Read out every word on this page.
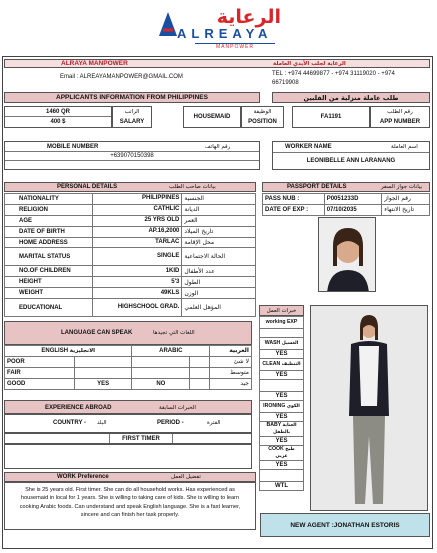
الرعاية
ALREAYA
MANPOWER
ALRAYA MANPOWER	الرعاية لجلب الأيدي العاملة
Email : ALREAYAMANPOWER@GMAIL.COM	TEL : +974 44699877 - +974 31119020 - +974 66719908
APPLICANTS INFORMATION FROM PHILIPPINES	طلب عاملة منزلية من الفلبين
1460 QR
400 $
الراتب
SALARY
HOUSEMAID
الوظيفة
POSITION
FA1191
رقم الطلب
APP NUMBER
MOBILE NUMBER	رقم الهاتف
+639070150398
WORKER NAME	اسم العاملة
LEONIBELLE ANN LARANANG
PERSONAL DETAILS	بيانات صاحب الطلب
NATIONALITY	PHILIPPINES	الجنسية
RELIGION	CATHLIC	الديانة
AGE	25 YRS OLD	العمر
DATE OF BIRTH	AP.16,2000	تاريخ الميلاد
HOME ADDRESS	TARLAC	محل الإقامة
MARITAL STATUS	SINGLE	الحالة الاجتماعية
NO.OF CHILDREN	1KID	عدد الأطفال
HEIGHT	5'3	الطول
WEIGHT	49KLS	الوزن
EDUCATIONAL	HIGHSCHOOL GRAD.	المؤهل العلمي
PASSPORT DETAILS	بيانات جواز السفر
PASS NUB :	P0051233D	رقم الجواز
DATE OF EXP :	07/10/2035	تاريخ الانتهاء
LANGUAGE CAN SPEAK	اللغات التي تجيدها
ENGLISH الانجليزية		ARABIC		العربية
POOR				لا شئ
FAIR				متوسط
GOOD	YES	NO		جيد
EXPERIENCE ABROAD	الخبرات السابقة
COUNTRY - البلد	PERIOD -	الفترة
FIRST TIMER
خبرات العمل
working EXP

WASH الغسيل
YES
CLEAN التنظيف
YES

YES
IRONING الكوي
YES
BABY العناية بالطفل
YES
COOK طبخ عربي
YES

WTL
WORK Preference	تفضيل العمل
She is 25 years old. First timer. She can do all household works. Has experienced as housemaid in local for 1 years. She is willing to taking care of kids. She is willing to learn cooking Arabic foods. Can understand and speak English language. She is a fast learner, sincere and can finish her task properly.
NEW AGENT :JONATHAN ESTORIS
